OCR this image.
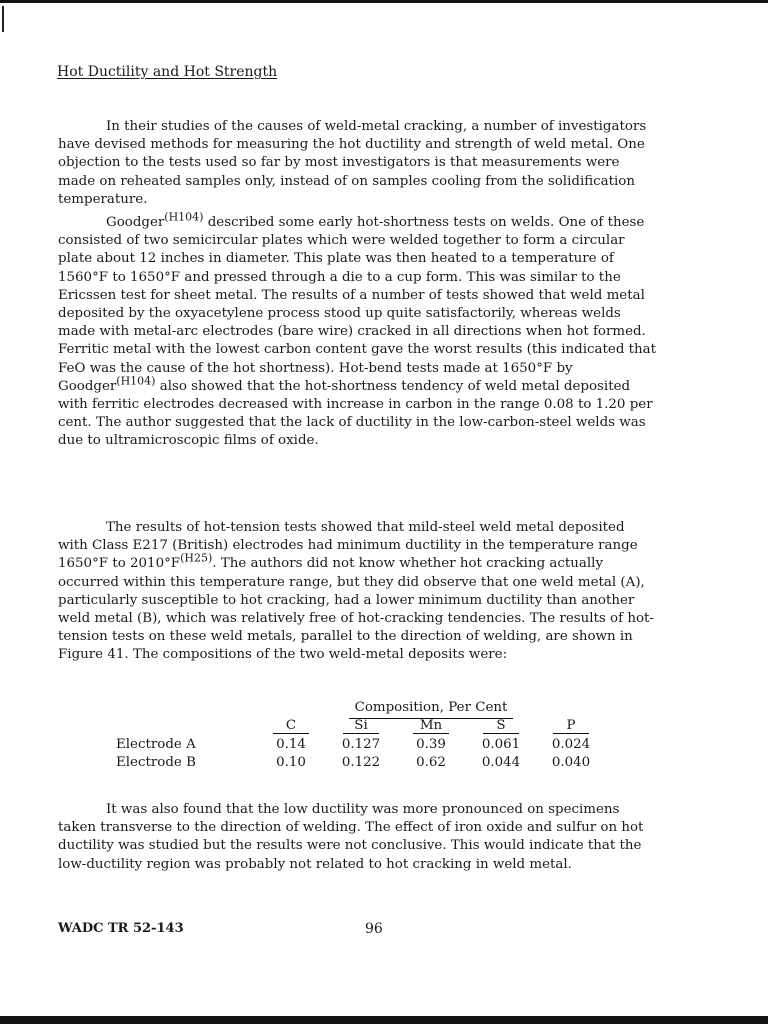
Hot Ductility and Hot Strength

In their studies of the causes of weld-metal cracking, a number of investigators have devised methods for measuring the hot ductility and strength of weld metal. One objection to the tests used so far by most investigators is that measurements were made on reheated samples only, instead of on samples cooling from the solidification temperature.

Goodger$^{(H104)}$ described some early hot-shortness tests on welds. One of these consisted of two semicircular plates which were welded together to form a circular plate about 12 inches in diameter. This plate was then heated to a temperature of 1560°F to 1650°F and pressed through a die to a cup form. This was similar to the Ericssen test for sheet metal. The results of a number of tests showed that weld metal deposited by the oxyacetylene process stood up quite satisfactorily, whereas welds made with metal-arc electrodes (bare wire) cracked in all directions when hot formed. Ferritic metal with the lowest carbon content gave the worst results (this indicated that FeO was the cause of the hot shortness). Hot-bend tests made at 1650°F by Goodger$^{(H104)}$ also showed that the hot-shortness tendency of weld metal deposited with ferritic electrodes decreased with increase in carbon in the range 0.08 to 1.20 per cent. The author suggested that the lack of ductility in the low-carbon-steel welds was due to ultramicroscopic films of oxide.

The results of hot-tension tests showed that mild-steel weld metal deposited with Class E217 (British) electrodes had minimum ductility in the temperature range 1650°F to $2010^\circ F^{(H25)}$. The authors did not know whether hot cracking actually occurred within this temperature range, but they did observe that one weld metal (A), particularly susceptible to hot cracking, had a lower minimum ductility than another weld metal (B), which was relatively free of hot-cracking tendencies. The results of hot-tension tests on these weld metals, parallel to the direction of welding, are shown in Figure 41. The compositions of the two weld-metal deposits were:

Composition, Per Cent					
	C	Si	Mn	S	P
Electrode A	0.14	0.127	0.39	0.061	0.024
Electrode B	0.10	0.122	0.62	0.044	0.040

It was also found that the low ductility was more pronounced on specimens taken transverse to the direction of welding. The effect of iron oxide and sulfur on hot ductility was studied but the results were not conclusive. This would indicate that the low-ductility region was probably not related to hot cracking in weld metal.

WADC TR 52-143	96
